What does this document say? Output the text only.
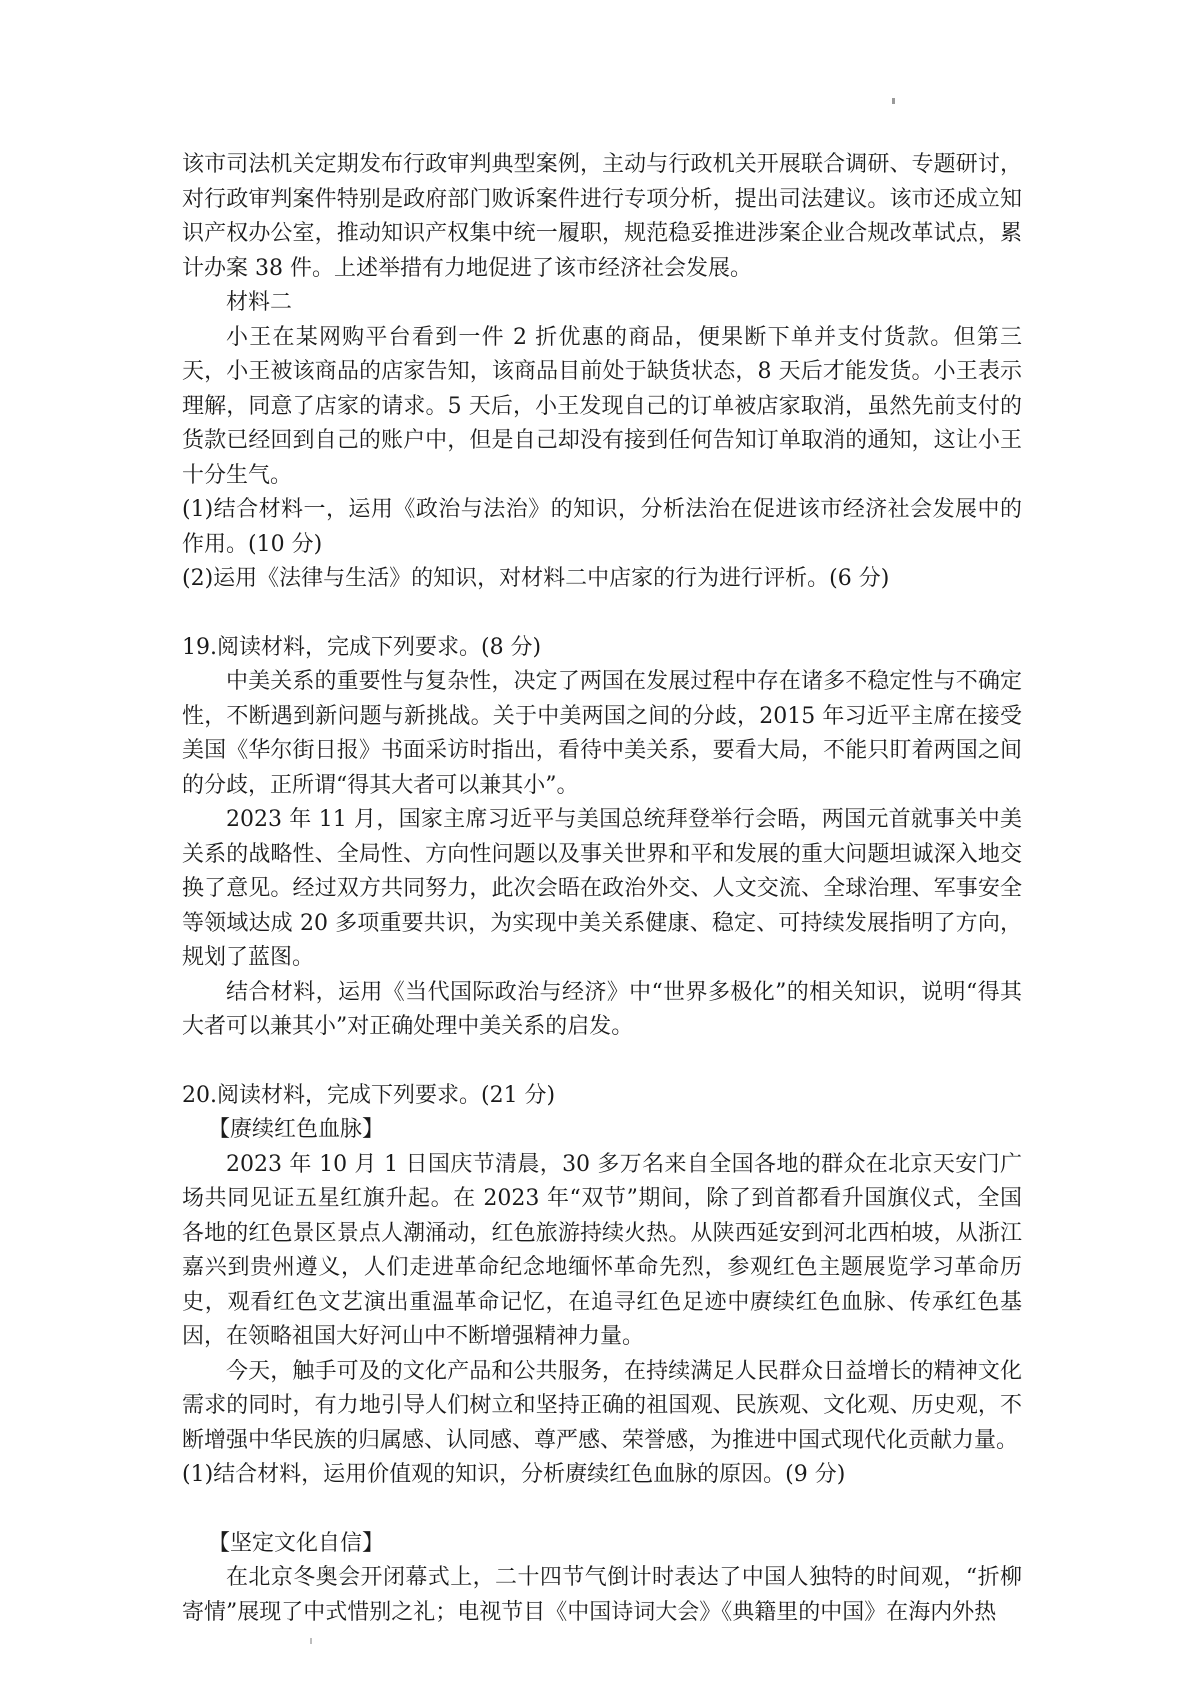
该市司法机关定期发布行政审判典型案例，主动与行政机关开展联合调研、专题研讨，对行政审判案件特别是政府部门败诉案件进行专项分析，提出司法建议。该市还成立知识产权办公室，推动知识产权集中统一履职，规范稳妥推进涉案企业合规改革试点，累计办案 38 件。上述举措有力地促进了该市经济社会发展。

材料二

小王在某网购平台看到一件 2 折优惠的商品，便果断下单并支付货款。但第三天，小王被该商品的店家告知，该商品目前处于缺货状态，8 天后才能发货。小王表示理解，同意了店家的请求。5 天后，小王发现自己的订单被店家取消，虽然先前支付的货款已经回到自己的账户中，但是自己却没有接到任何告知订单取消的通知，这让小王十分生气。

(1)结合材料一，运用《政治与法治》的知识，分析法治在促进该市经济社会发展中的作用。(10 分)

(2)运用《法律与生活》的知识，对材料二中店家的行为进行评析。(6 分)

19.阅读材料，完成下列要求。(8 分)

中美关系的重要性与复杂性，决定了两国在发展过程中存在诸多不稳定性与不确定性，不断遇到新问题与新挑战。关于中美两国之间的分歧，2015 年习近平主席在接受美国《华尔街日报》书面采访时指出，看待中美关系，要看大局，不能只盯着两国之间的分歧，正所谓“得其大者可以兼其小”。

2023 年 11 月，国家主席习近平与美国总统拜登举行会晤，两国元首就事关中美关系的战略性、全局性、方向性问题以及事关世界和平和发展的重大问题坦诚深入地交换了意见。经过双方共同努力，此次会晤在政治外交、人文交流、全球治理、军事安全等领域达成 20 多项重要共识，为实现中美关系健康、稳定、可持续发展指明了方向，规划了蓝图。

结合材料，运用《当代国际政治与经济》中“世界多极化”的相关知识，说明“得其大者可以兼其小”对正确处理中美关系的启发。

20.阅读材料，完成下列要求。(21 分)

【赓续红色血脉】

2023 年 10 月 1 日国庆节清晨，30 多万名来自全国各地的群众在北京天安门广场共同见证五星红旗升起。在 2023 年“双节”期间，除了到首都看升国旗仪式，全国各地的红色景区景点人潮涌动，红色旅游持续火热。从陕西延安到河北西柏坡，从浙江嘉兴到贵州遵义，人们走进革命纪念地缅怀革命先烈，参观红色主题展览学习革命历史，观看红色文艺演出重温革命记忆，在追寻红色足迹中赓续红色血脉、传承红色基因，在领略祖国大好河山中不断增强精神力量。

今天，触手可及的文化产品和公共服务，在持续满足人民群众日益增长的精神文化需求的同时，有力地引导人们树立和坚持正确的祖国观、民族观、文化观、历史观，不断增强中华民族的归属感、认同感、尊严感、荣誉感，为推进中国式现代化贡献力量。

(1)结合材料，运用价值观的知识，分析赓续红色血脉的原因。(9 分)

【坚定文化自信】

在北京冬奥会开闭幕式上，二十四节气倒计时表达了中国人独特的时间观，“折柳寄情”展现了中式惜别之礼；电视节目《中国诗词大会》《典籍里的中国》在海内外热
